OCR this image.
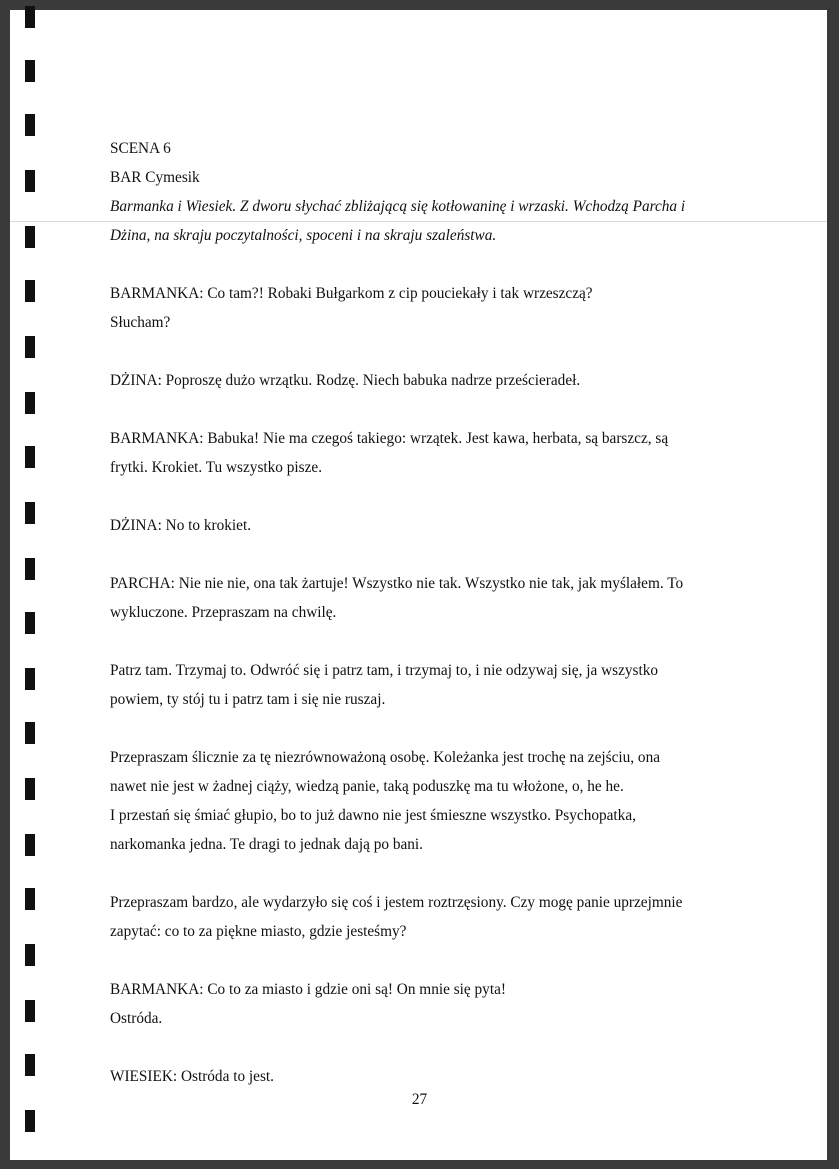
SCENA 6

BAR Cymesik

Barmanka i Wiesiek. Z dworu słychać zbliżającą się kotłowaninę i wrzaski. Wchodzą Parcha i

Dżina, na skraju poczytalności, spoceni i na skraju szaleństwa.

BARMANKA: Co tam?! Robaki Bułgarkom z cip pouciekały i tak wrzeszczą?

Słucham?

DŻINA: Poproszę dużo wrzątku. Rodzę. Niech babuka nadrze prześcieradeł.

BARMANKA: Babuka! Nie ma czegoś takiego: wrzątek. Jest kawa, herbata, są barszcz, są

frytki. Krokiet. Tu wszystko pisze.

DŻINA: No to krokiet.

PARCHA: Nie nie nie, ona tak żartuje! Wszystko nie tak. Wszystko nie tak, jak myślałem. To

wykluczone. Przepraszam na chwilę.

Patrz tam. Trzymaj to. Odwróć się i patrz tam, i trzymaj to, i nie odzywaj się, ja wszystko

powiem, ty stój tu i patrz tam i się nie ruszaj.

Przepraszam ślicznie za tę niezrównoważoną osobę. Koleżanka jest trochę na zejściu, ona

nawet nie jest w żadnej ciąży, wiedzą panie, taką poduszkę ma tu włożone, o, he he.

I przestań się śmiać głupio, bo to już dawno nie jest śmieszne wszystko. Psychopatka,

narkomanka jedna. Te dragi to jednak dają po bani.

Przepraszam bardzo, ale wydarzyło się coś i jestem roztrzęsiony. Czy mogę panie uprzejmnie

zapytać: co to za piękne miasto, gdzie jesteśmy?

BARMANKA: Co to za miasto i gdzie oni są! On mnie się pyta!

Ostróda.

WIESIEK: Ostróda to jest.

27
